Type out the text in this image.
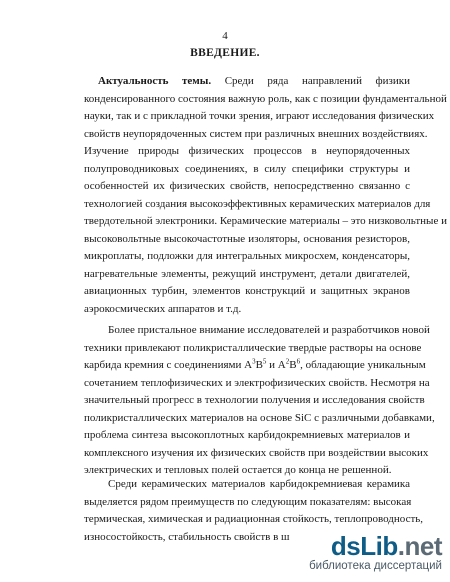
4
ВВЕДЕНИЕ.
Актуальность темы. Среди ряда направлений физики
конденсированного состояния важную роль, как с позиции фундаментальной
науки, так и с прикладной точки зрения, играют исследования физических
свойств неупорядоченных систем при различных внешних воздействиях.
Изучение природы физических процессов в неупорядоченных
полупроводниковых соединениях, в силу специфики структуры и
особенностей их физических свойств, непосредственно связанно с
технологией создания высокоэффективных керамических материалов для
твердотельной электроники. Керамические материалы – это низковольтные и
высоковольтные высокочастотные изоляторы, основания резисторов,
микроплаты, подложки для интегральных микросхем, конденсаторы,
нагревательные элементы, режущий инструмент, детали двигателей,
авиационных турбин, элементов конструкций и защитных экранов
аэрокосмических аппаратов и т.д.
Более пристальное внимание исследователей и разработчиков новой
техники привлекают поликристаллические твердые растворы на основе
карбида кремния с соединениями $A^3B^5$ и $A^2B^6$, обладающие уникальным
сочетанием теплофизических и электрофизических свойств. Несмотря на
значительный прогресс в технологии получения и исследования свойств
поликристаллических материалов на основе SiC с различными добавками,
проблема синтеза высокоплотных карбидокремниевых материалов и
комплексного изучения их физических свойств при воздействии высоких
электрических и тепловых полей остается до конца не решенной.
Среди керамических материалов карбидокремниевая керамика
выделяется рядом преимуществ по следующим показателям: высокая
термическая, химическая и радиационная стойкость, теплопроводность,
износостойкость, стабильность свойств в ш	dsLib.net
библиотека диссертаций
